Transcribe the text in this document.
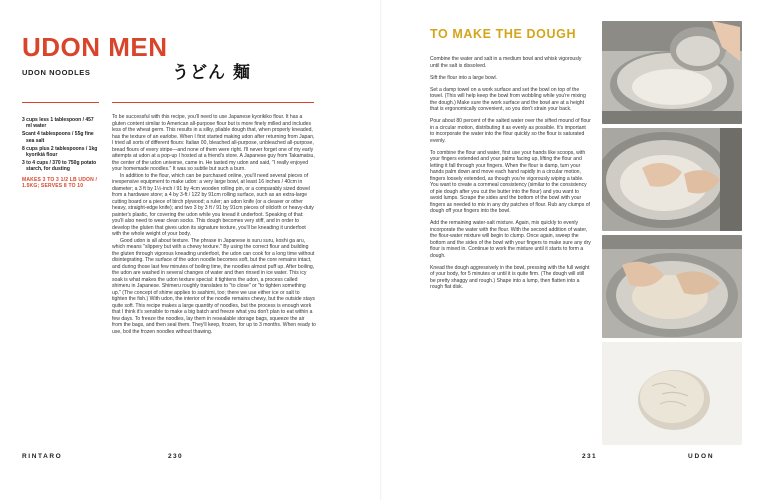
UDON MEN
UDON NOODLES	うどん 麺
3 cups less 1 tablespoon / 457 ml water
Scant 4 tablespoons / 55g fine sea salt
8 cups plus 2 tablespoons / 1kg kyorikiá flour
3 to 4 cups / 370 to 750g potato starch, for dusting
MAKES 3 TO 3 1/2 LB UDON / 1.5KG; SERVES 8 TO 10

To be successful with this recipe, you'll need to use Japanese kyorikiko flour. It has a gluten content similar to American all-purpose flour but is more finely milled and includes less of the wheat germ. This results in a silky, pliable dough that, when properly kneaded, has the texture of an earlobe. When I first started making udon after returning from Japan, I tried all sorts of different flours: Italian 00, bleached all-purpose, unbleached all-purpose, bread flours of every stripe—and none of them were right. I'll never forget one of my early attempts at udon at a pop-up I hosted at a friend's store. A Japanese guy from Takamatsu, the center of the udon universe, came in. He tasted my udon and said, "I really enjoyed your homemade noodles." It was so subtle but such a burn.

In addition to the flour, which can be purchased online, you'll need several pieces of inexpensive equipment to make udon: a very large bowl, at least 16 inches / 40cm in diameter; a 3 ft by 1½-inch / 91 by 4cm wooden rolling pin, or a comparably sized dowel from a hardware store; a 4 by 3-ft / 122 by 91cm rolling surface, such as an extra-large cutting board or a piece of birch plywood; a ruler; an udon knife (or a cleaver or other heavy, straight-edge knife); and two 3 by 3 ft / 91 by 91cm pieces of oilcloth or heavy-duty painter's plastic, for covering the udon while you knead it underfoot. Speaking of that: you'll also need to wear clean socks. This dough becomes very stiff, and in order to develop the gluten that gives udon its signature texture, you'll be kneading it underfoot with the whole weight of your body.

Good udon is all about texture. The phrase in Japanese is suru suru, koshi ga aru, which means "slippery but with a chewy texture." By using the correct flour and building the gluten through vigorous kneading underfoot, the udon can cook for a long time without disintegrating. The surface of the udon noodle becomes soft, but the core remains intact, and during those last few minutes of boiling time, the noodles almost puff up. After boiling, the udon are washed in several changes of water and then rinsed in ice water. This icy soak is what makes the udon texture special: it tightens the udon, a process called shimeru in Japanese. Shimeru roughly translates to "to close" or "to tighten something up." (The concept of shime applies to sashimi, too; there we use either ice or salt to tighten the fish.) With udon, the interior of the noodle remains chewy, but the outside stays quite soft. This recipe makes a large quantity of noodles, but the process is enough work that I think it's sensible to make a big batch and freeze what you don't plan to eat within a few days. To freeze the noodles, lay them in resealable storage bags, squeeze the air from the bags, and then seal them. They'll keep, frozen, for up to 3 months. When ready to use, boil the frozen noodles without thawing.

RINTARO	230
TO MAKE THE DOUGH

Combine the water and salt in a medium bowl and whisk vigorously until the salt is dissolved.

Sift the flour into a large bowl.

Set a damp towel on a work surface and set the bowl on top of the towel. (This will help keep the bowl from wobbling while you're mixing the dough.) Make sure the work surface and the bowl are at a height that is ergonomically convenient, so you don't strain your back.

Pour about 80 percent of the salted water over the sifted mound of flour in a circular motion, distributing it as evenly as possible. It's important to incorporate the water into the flour quickly so the flour is saturated evenly.

To combine the flour and water, first use your hands like scoops, with your fingers extended and your palms facing up, lifting the flour and letting it fall through your fingers. When the flour is damp, turn your hands palm down and move each hand rapidly in a circular motion, fingers loosely extended, as though you're vigorously wiping a table. You want to create a cornmeal consistency (similar to the consistency of pie dough after you cut the butter into the flour) and you want to avoid lumps. Scrape the sides and the bottom of the bowl with your fingers as needed to mix in any dry patches of flour. Rub any clumps of dough off your fingers into the bowl.

Add the remaining water-salt mixture. Again, mix quickly to evenly incorporate the water with the flour. With the second addition of water, the flour-water mixture will begin to clump. Once again, sweep the bottom and the sides of the bowl with your fingers to make sure any dry flour is mixed in. Continue to work the mixture until it starts to form a dough.

Knead the dough aggressively in the bowl, pressing with the full weight of your body, for 5 minutes or until it is quite firm. (The dough will still be pretty shaggy and rough.) Shape into a lump, then flatten into a rough flat disk.

231	UDON
